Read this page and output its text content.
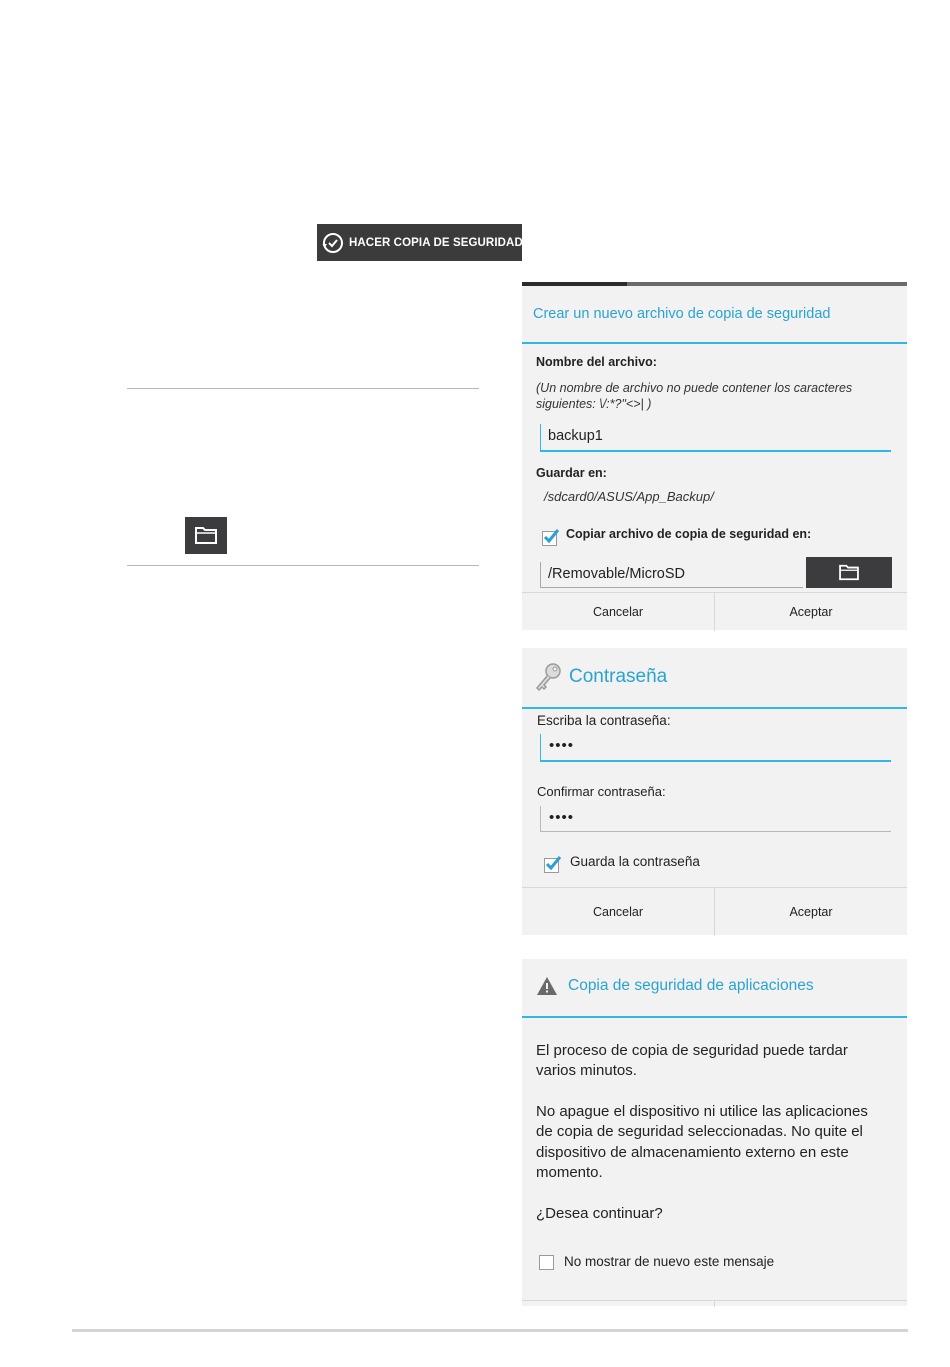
HACER COPIA DE SEGURIDAD
Crear un nuevo archivo de copia de seguridad
Nombre del archivo:
(Un nombre de archivo no puede contener los caracteres
siguientes: \/:*?"<>| )
backup1
Guardar en:
/sdcard0/ASUS/App_Backup/
Copiar archivo de copia de seguridad en:
/Removable/MicroSD
Cancelar	Aceptar
Contraseña
Escriba la contraseña:
••••
Confirmar contraseña:
••••
Guarda la contraseña
Cancelar	Aceptar
Copia de seguridad de aplicaciones
El proceso de copia de seguridad puede tardar
varios minutos.
No apague el dispositivo ni utilice las aplicaciones
de copia de seguridad seleccionadas. No quite el
dispositivo de almacenamiento externo en este
momento.
¿Desea continuar?
No mostrar de nuevo este mensaje
